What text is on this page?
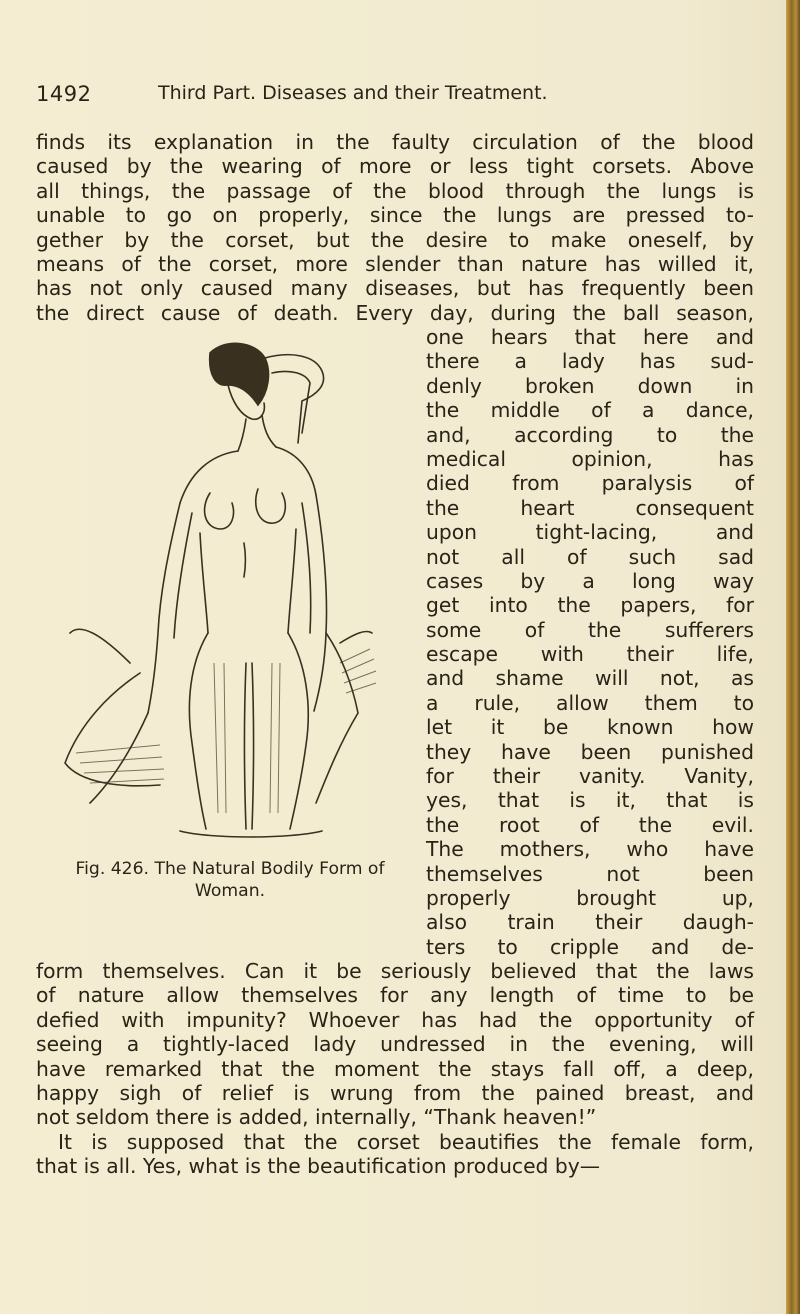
1492	Third Part. Diseases and their Treatment.
finds its explanation in the faulty circulation of the blood
caused by the wearing of more or less tight corsets. Above
all things, the passage of the blood through the lungs is
unable to go on properly, since the lungs are pressed to-
gether by the corset, but the desire to make oneself, by
means of the corset, more slender than nature has willed it,
has not only caused many diseases, but has frequently been
the direct cause of death. Every day, during the ball season,
Fig. 426. The Natural Bodily Form of
Woman.
one hears that here and
there a lady has sud-
denly broken down in
the middle of a dance,
and, according to the
medical opinion, has
died from paralysis of
the heart consequent
upon tight-lacing, and
not all of such sad
cases by a long way
get into the papers, for
some of the sufferers
escape with their life,
and shame will not, as
a rule, allow them to
let it be known how
they have been punished
for their vanity. Vanity,
yes, that is it, that is
the root of the evil.
The mothers, who have
themselves not been
properly brought up,
also train their daugh-
ters to cripple and de-
form themselves. Can it be seriously believed that the laws
of nature allow themselves for any length of time to be
defied with impunity? Whoever has had the opportunity of
seeing a tightly-laced lady undressed in the evening, will
have remarked that the moment the stays fall off, a deep,
happy sigh of relief is wrung from the pained breast, and
not seldom there is added, internally, “Thank heaven!”
It is supposed that the corset beautifies the female form,
that is all. Yes, what is the beautification produced by—
